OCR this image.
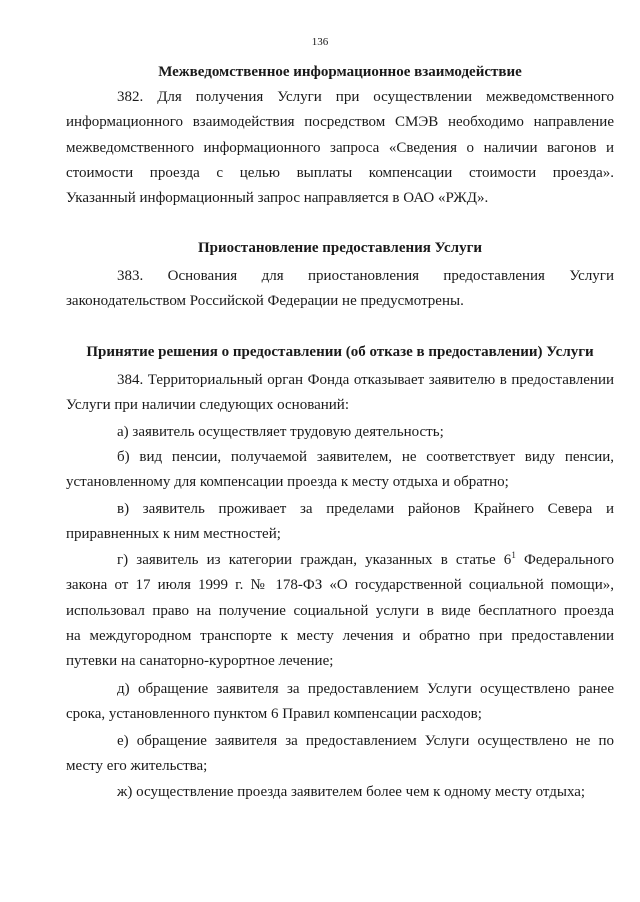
136
Межведомственное информационное взаимодействие
382. Для получения Услуги при осуществлении межведомственного
информационного взаимодействия посредством СМЭВ необходимо направление
межведомственного информационного запроса «Сведения о наличии вагонов и
стоимости проезда с целью выплаты компенсации стоимости проезда».
Указанный информационный запрос направляется в ОАО «РЖД».
Приостановление предоставления Услуги
383. Основания для приостановления предоставления Услуги
законодательством Российской Федерации не предусмотрены.
Принятие решения о предоставлении (об отказе в предоставлении) Услуги
384. Территориальный орган Фонда отказывает заявителю в предоставлении
Услуги при наличии следующих оснований:
а) заявитель осуществляет трудовую деятельность;
б) вид пенсии, получаемой заявителем, не соответствует виду пенсии,
установленному для компенсации проезда к месту отдыха и обратно;
в) заявитель проживает за пределами районов Крайнего Севера и
приравненных к ним местностей;
г) заявитель из категории граждан, указанных в статье $6^1$ Федерального
закона от 17 июля 1999 г. № 178-ФЗ «О государственной социальной помощи»,
использовал право на получение социальной услуги в виде бесплатного проезда
на междугородном транспорте к месту лечения и обратно при предоставлении
путевки на санаторно-курортное лечение;
д) обращение заявителя за предоставлением Услуги осуществлено ранее
срока, установленного пунктом 6 Правил компенсации расходов;
е) обращение заявителя за предоставлением Услуги осуществлено не по
месту его жительства;
ж) осуществление проезда заявителем более чем к одному месту отдыха;
